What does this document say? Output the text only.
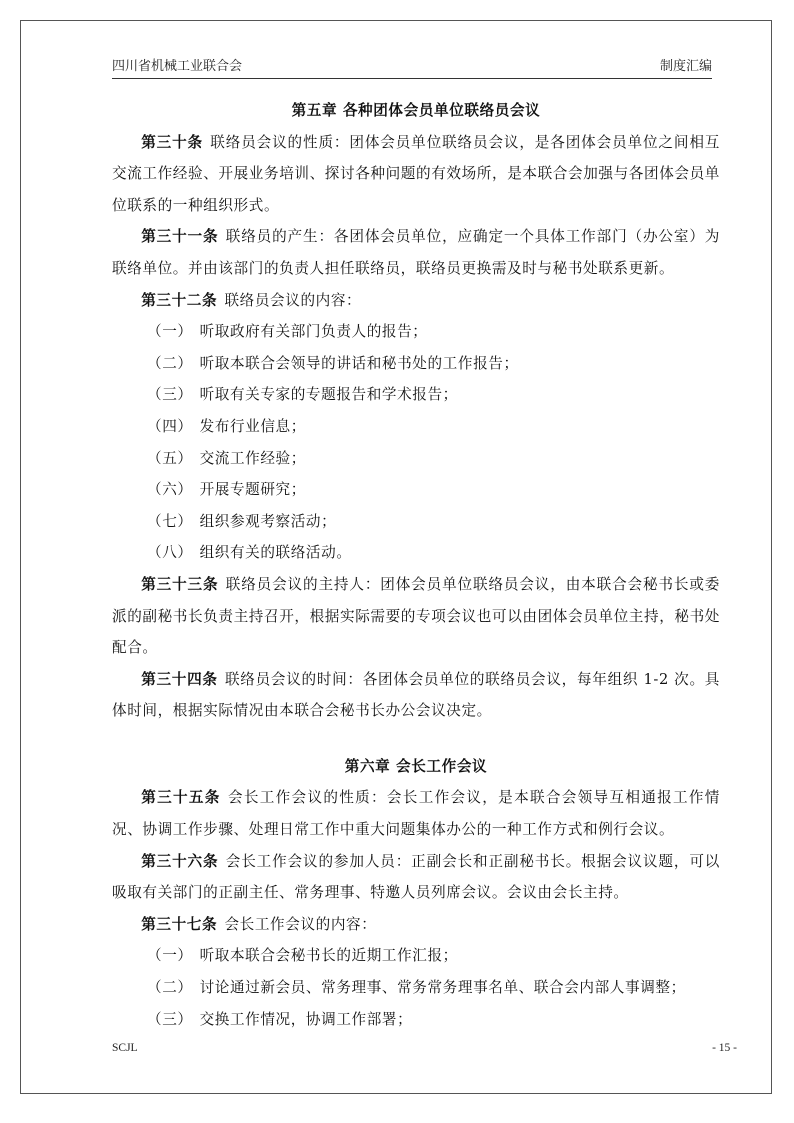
四川省机械工业联合会	制度汇编
第五章 各种团体会员单位联络员会议

第三十条 联络员会议的性质：团体会员单位联络员会议，是各团体会员单位之间相互交流工作经验、开展业务培训、探讨各种问题的有效场所，是本联合会加强与各团体会员单位联系的一种组织形式。

第三十一条 联络员的产生：各团体会员单位，应确定一个具体工作部门（办公室）为联络单位。并由该部门的负责人担任联络员，联络员更换需及时与秘书处联系更新。

第三十二条 联络员会议的内容：

（一） 听取政府有关部门负责人的报告；

（二） 听取本联合会领导的讲话和秘书处的工作报告；

（三） 听取有关专家的专题报告和学术报告；

（四） 发布行业信息；

（五） 交流工作经验；

（六） 开展专题研究；

（七） 组织参观考察活动；

（八） 组织有关的联络活动。

第三十三条 联络员会议的主持人：团体会员单位联络员会议，由本联合会秘书长或委派的副秘书长负责主持召开，根据实际需要的专项会议也可以由团体会员单位主持，秘书处配合。

第三十四条 联络员会议的时间：各团体会员单位的联络员会议，每年组织 1-2 次。具体时间，根据实际情况由本联合会秘书长办公会议决定。

第六章 会长工作会议

第三十五条 会长工作会议的性质：会长工作会议，是本联合会领导互相通报工作情况、协调工作步骤、处理日常工作中重大问题集体办公的一种工作方式和例行会议。

第三十六条 会长工作会议的参加人员：正副会长和正副秘书长。根据会议议题，可以吸取有关部门的正副主任、常务理事、特邀人员列席会议。会议由会长主持。

第三十七条 会长工作会议的内容：

（一） 听取本联合会秘书长的近期工作汇报；

（二） 讨论通过新会员、常务理事、常务常务理事名单、联合会内部人事调整；

（三） 交换工作情况，协调工作部署；

SCJL	- 15 -
